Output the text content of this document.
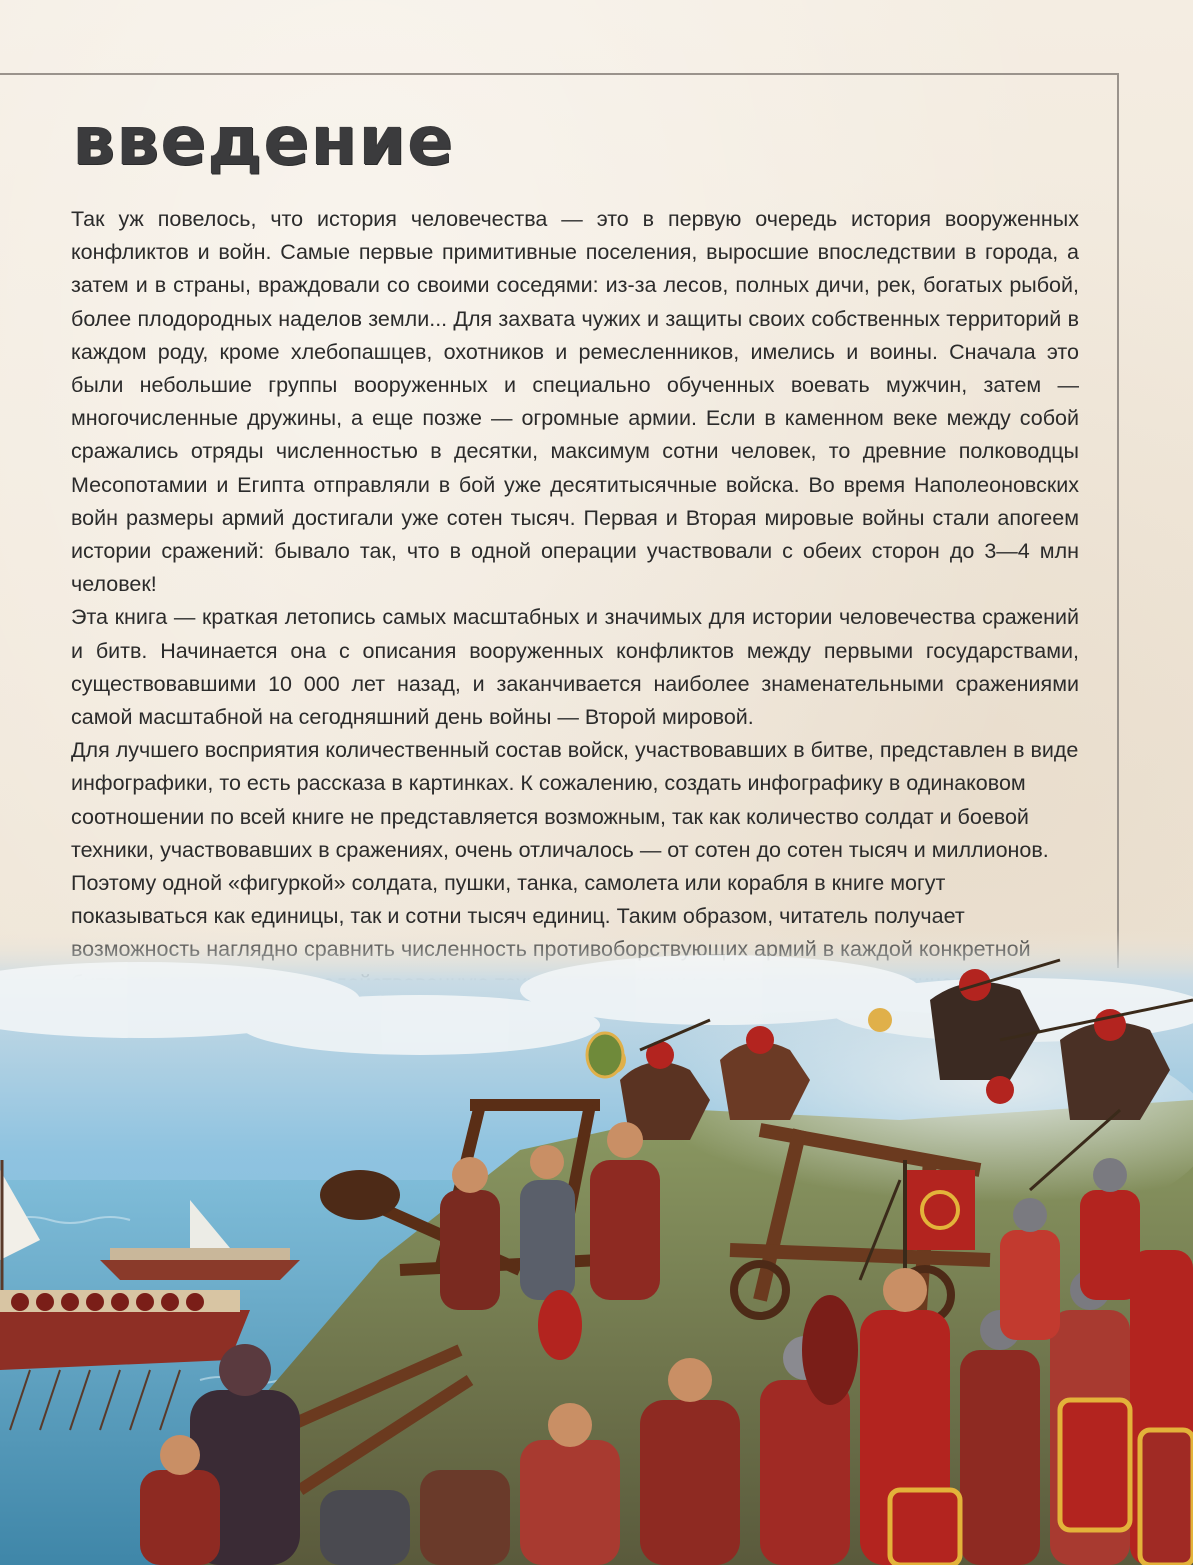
введение

Так уж повелось, что история человечества — это в первую очередь история вооруженных конфликтов и войн. Самые первые примитивные поселения, выросшие впоследствии в города, а затем и в страны, враждовали со своими соседями: из-за лесов, полных дичи, рек, богатых рыбой, более плодородных наделов земли... Для захвата чужих и защиты своих собственных территорий в каждом роду, кроме хлебопашцев, охотников и ремесленников, имелись и воины. Сначала это были небольшие группы вооруженных и специально обученных воевать мужчин, затем — многочисленные дружины, а еще позже — огромные армии. Если в каменном веке между собой сражались отряды численностью в десятки, максимум сотни человек, то древние полководцы Месопотамии и Египта отправляли в бой уже десятитысячные войска. Во время Наполеоновских войн размеры армий достигали уже сотен тысяч. Первая и Вторая мировые войны стали апогеем истории сражений: бывало так, что в одной операции участвовали с обеих сторон до 3—4 млн человек!

Эта книга — краткая летопись самых масштабных и значимых для истории человечества сражений и битв. Начинается она с описания вооруженных конфликтов между первыми государствами, существовавшими 10 000 лет назад, и заканчивается наиболее знаменательными сражениями самой масштабной на сегодняшний день войны — Второй мировой.

Для лучшего восприятия количественный состав войск, участвовавших в битве, представлен в виде инфографики, то есть рассказа в картинках. К сожалению, создать инфографику в одинаковом соотношении по всей книге не представляется возможным, так как количество солдат и боевой техники, участвовавших в сражениях, очень отличалось — от сотен до сотен тысяч и миллионов. Поэтому одной «фигуркой» солдата, пушки, танка, самолета или корабля в книге могут показываться как единицы, так и сотни тысяч единиц. Таким образом, читатель получает
